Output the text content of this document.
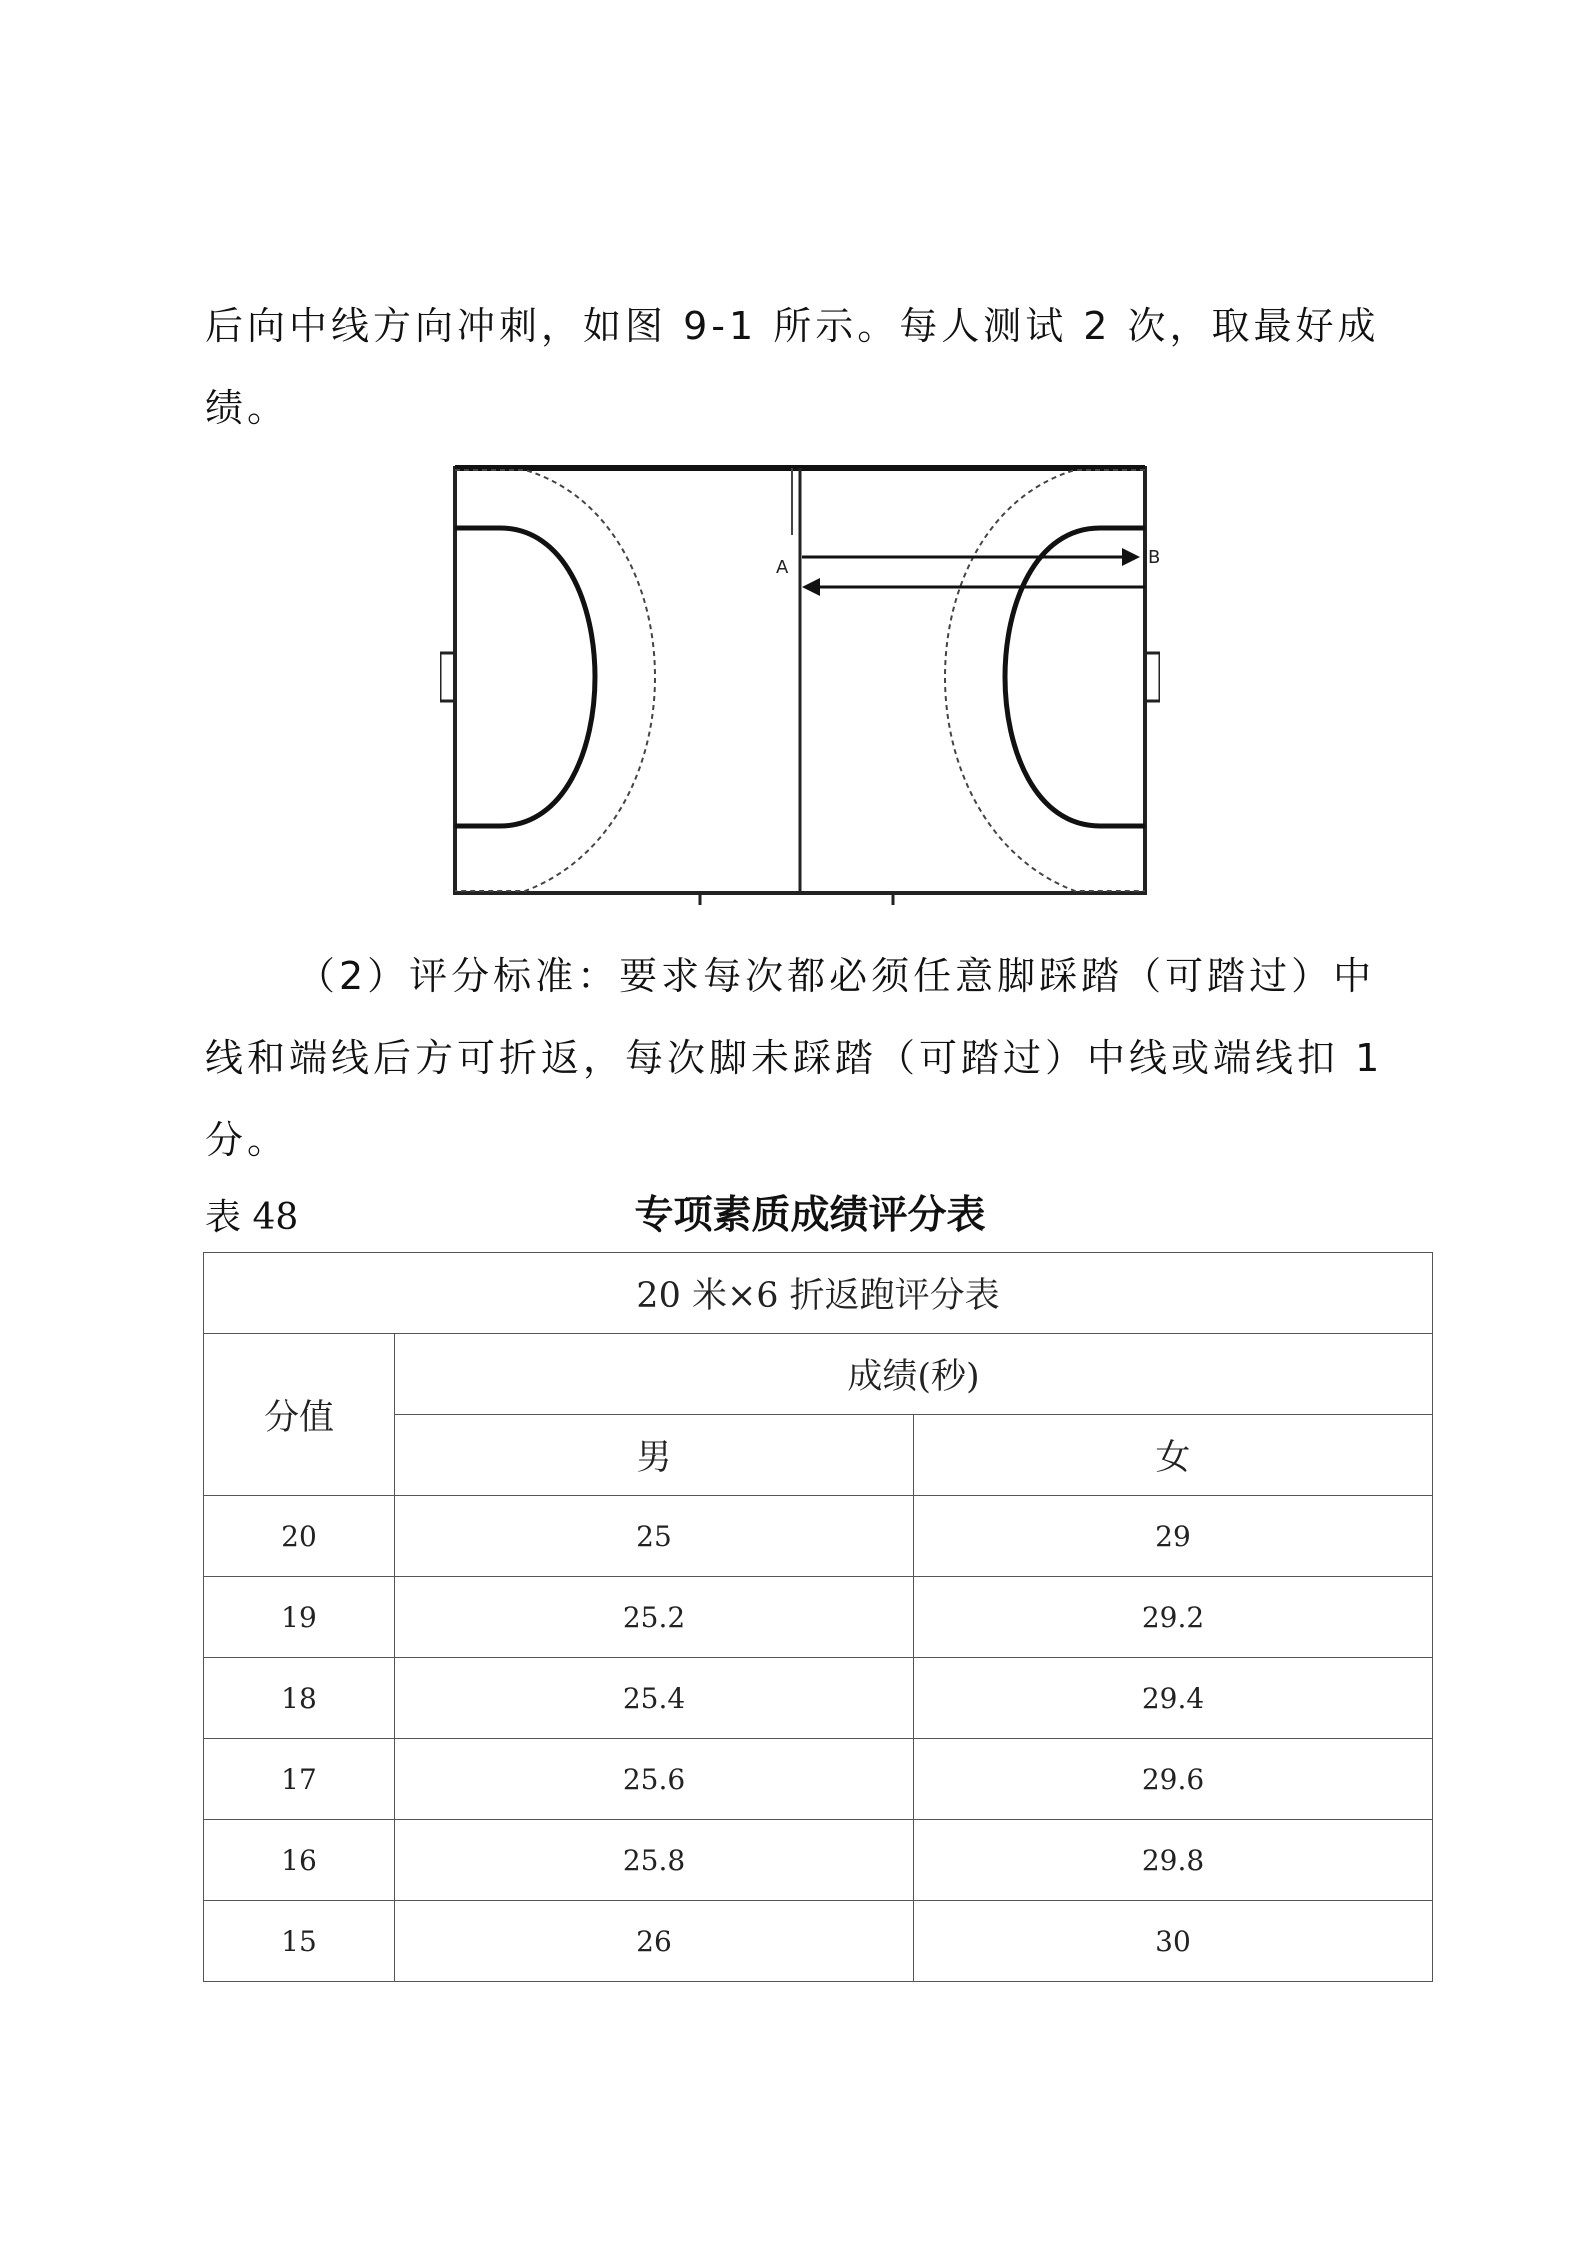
后向中线方向冲刺，如图 9-1 所示。每人测试 2 次，取最好成绩。

A	B

（2）评分标准：要求每次都必须任意脚踩踏（可踏过）中线和端线后方可折返，每次脚未踩踏（可踏过）中线或端线扣 1 分。

表 48	专项素质成绩评分表
20 米×6 折返跑评分表		
分值	成绩(秒)	
	男	女
20	25	29
19	25.2	29.2
18	25.4	29.4
17	25.6	29.6
16	25.8	29.8
15	26	30
